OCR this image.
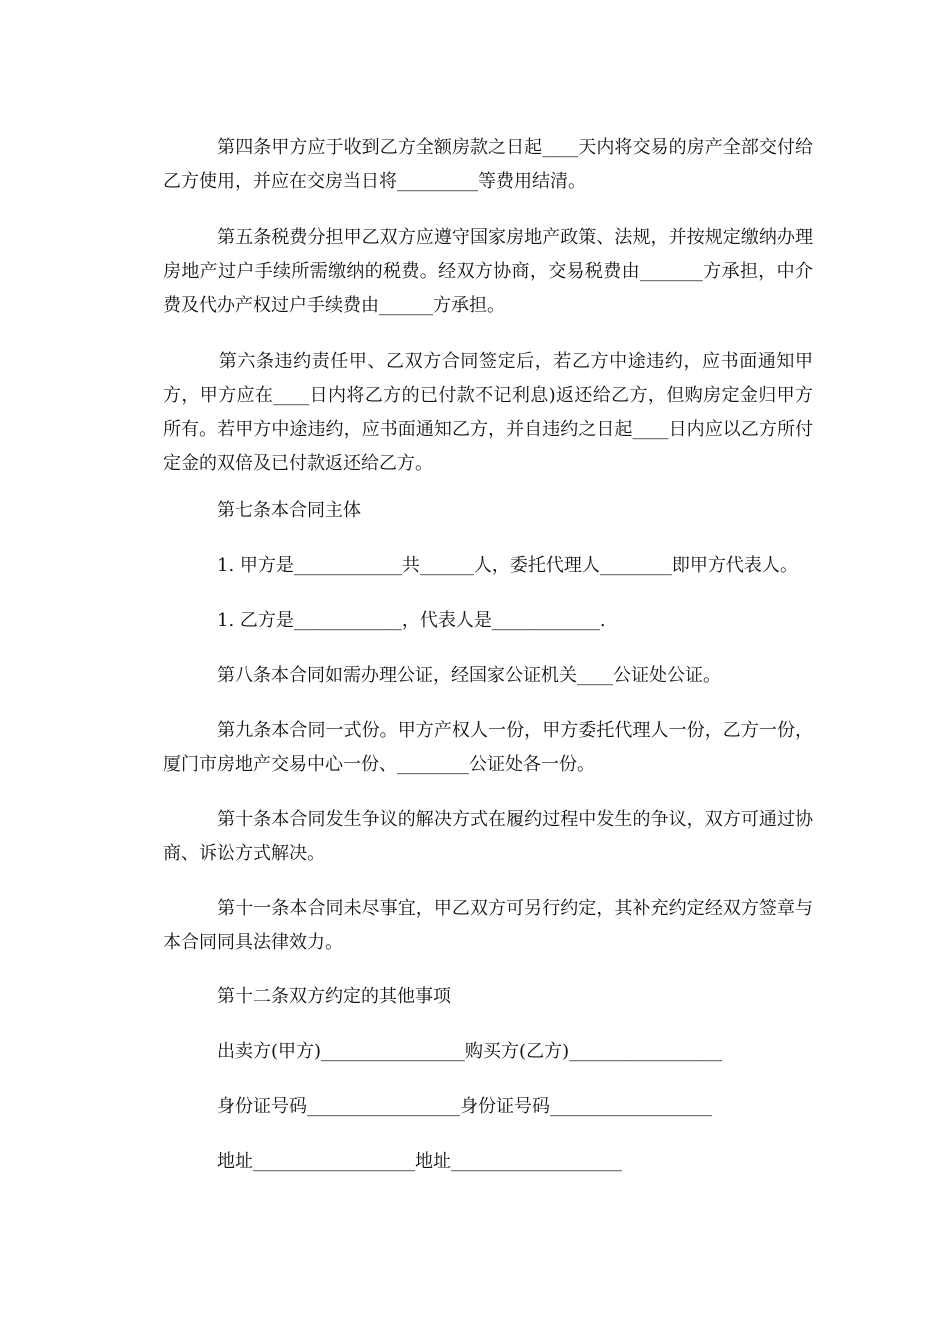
　　　第四条甲方应于收到乙方全额房款之日起____天内将交易的房产全部交付给乙方使用，并应在交房当日将_________等费用结清。
　　　第五条税费分担甲乙双方应遵守国家房地产政策、法规，并按规定缴纳办理房地产过户手续所需缴纳的税费。经双方协商，交易税费由_______方承担，中介费及代办产权过户手续费由______方承担。
　　　第六条违约责任甲、乙双方合同签定后，若乙方中途违约，应书面通知甲方，甲方应在____日内将乙方的已付款不记利息)返还给乙方，但购房定金归甲方所有。若甲方中途违约，应书面通知乙方，并自违约之日起____日内应以乙方所付定金的双倍及已付款返还给乙方。
　　　第七条本合同主体
　　　1. 甲方是____________共______人，委托代理人________即甲方代表人。
　　　1. 乙方是____________，代表人是____________.
　　　第八条本合同如需办理公证，经国家公证机关____公证处公证。
　　　第九条本合同一式份。甲方产权人一份，甲方委托代理人一份，乙方一份，厦门市房地产交易中心一份、________公证处各一份。
　　　第十条本合同发生争议的解决方式在履约过程中发生的争议，双方可通过协商、诉讼方式解决。
　　　第十一条本合同未尽事宜，甲乙双方可另行约定，其补充约定经双方签章与本合同同具法律效力。
　　　第十二条双方约定的其他事项
　　　出卖方(甲方)________________购买方(乙方)_________________
　　　身份证号码_________________身份证号码__________________
　　　地址__________________地址___________________
